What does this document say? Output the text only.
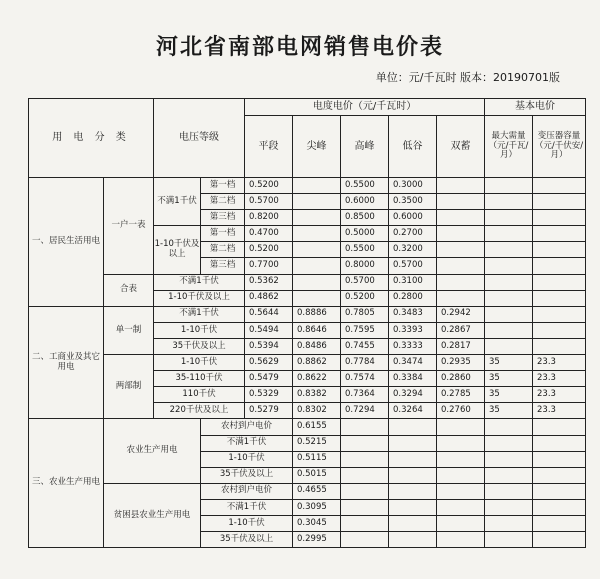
河北省南部电网销售电价表
单位：元/千瓦时 版本：20190701版
用 电 分 类		电压等级		电度电价（元/千瓦时）					基本电价	
				平段	尖峰	高峰	低谷	双蓄	最大需量（元/千瓦/月）	变压器容量（元/千伏安/月）
一、居民生活用电	一户一表	不满1千伏	第一档	0.5200		0.5500	0.3000			
			第二档	0.5700		0.6000	0.3500			
			第三档	0.8200		0.8500	0.6000			
		1-10千伏及以上	第一档	0.4700		0.5000	0.2700			
			第二档	0.5200		0.5500	0.3200			
			第三档	0.7700		0.8000	0.5700			
	合表	不满1千伏		0.5362		0.5700	0.3100			
		1-10千伏及以上		0.4862		0.5200	0.2800			
二、工商业及其它用电	单一制	不满1千伏		0.5644	0.8886	0.7805	0.3483	0.2942		
		1-10千伏		0.5494	0.8646	0.7595	0.3393	0.2867		
		35千伏及以上		0.5394	0.8486	0.7455	0.3333	0.2817		
	两部制	1-10千伏		0.5629	0.8862	0.7784	0.3474	0.2935	35	23.3
		35-110千伏		0.5479	0.8622	0.7574	0.3384	0.2860	35	23.3
		110千伏		0.5329	0.8382	0.7364	0.3294	0.2785	35	23.3
		220千伏及以上		0.5279	0.8302	0.7294	0.3264	0.2760	35	23.3
三、农业生产用电	农业生产用电		农村到户电价		0.6155					
			不满1千伏		0.5215					
			1-10千伏		0.5115					
			35千伏及以上		0.5015					
	贫困县农业生产用电		农村到户电价		0.4655					
			不满1千伏		0.3095					
			1-10千伏		0.3045					
			35千伏及以上		0.2995					
